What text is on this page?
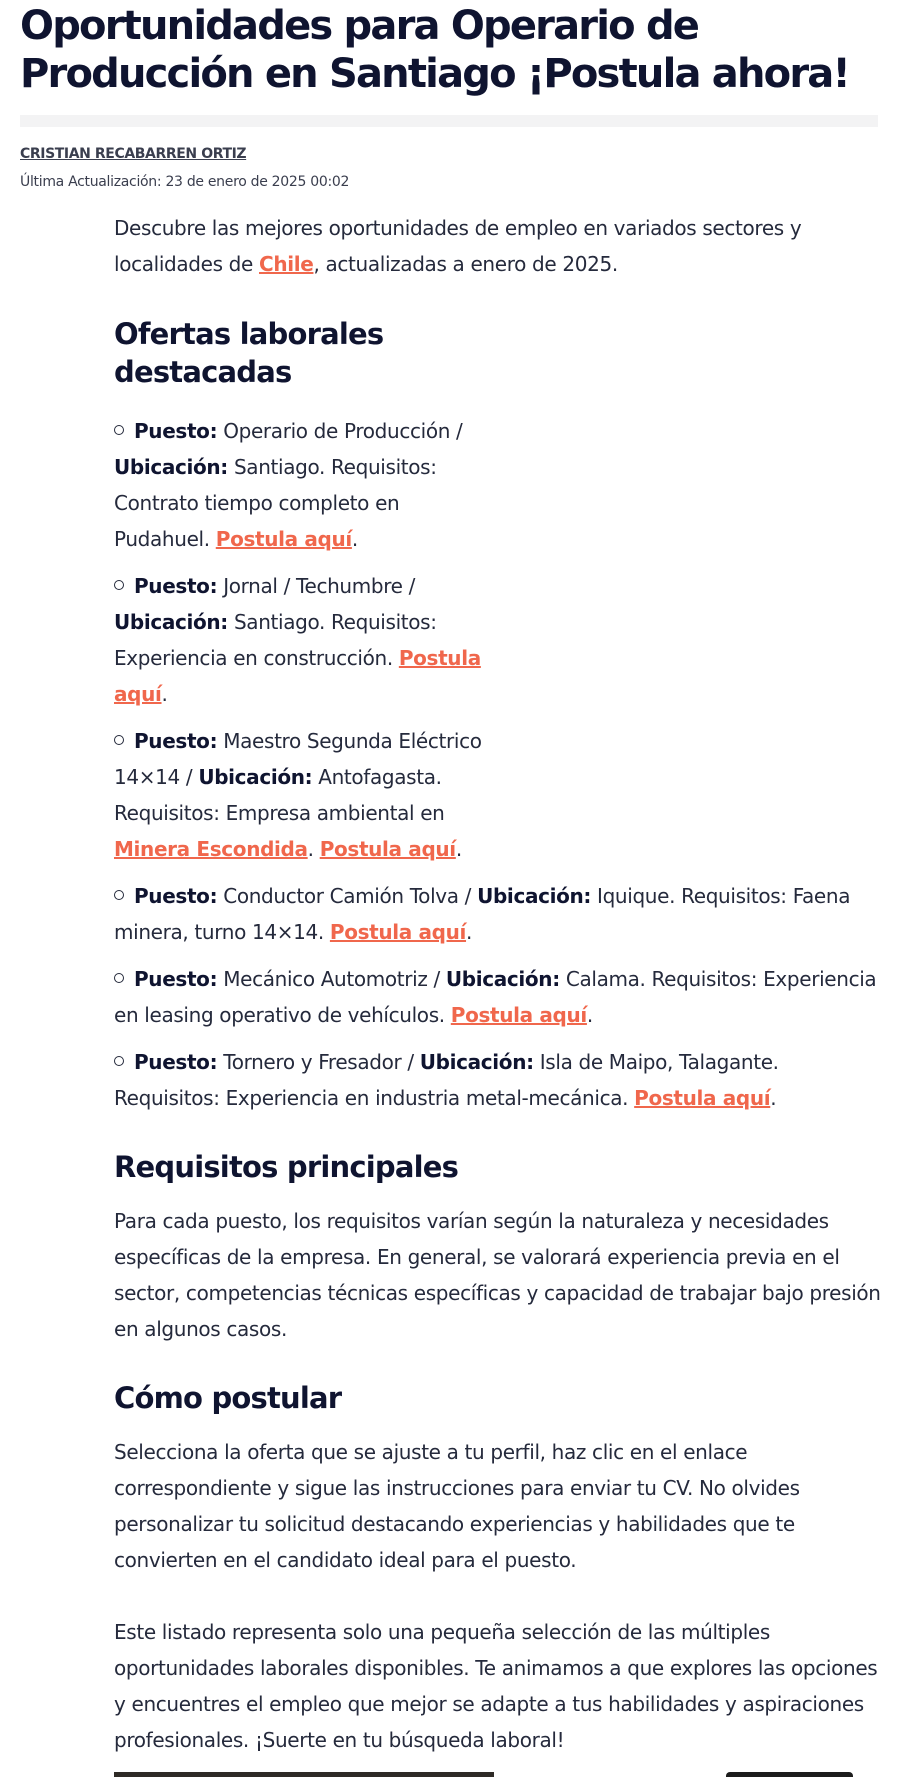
Oportunidades para Operario de Producción en Santiago ¡Postula ahora!
CRISTIAN RECABARREN ORTIZ
Última Actualización: 23 de enero de 2025 00:02

Descubre las mejores oportunidades de empleo en variados sectores y localidades de Chile, actualizadas a enero de 2025.

Ofertas laborales destacadas
Puesto: Operario de Producción / Ubicación: Santiago. Requisitos: Contrato tiempo completo en Pudahuel. Postula aquí.
Puesto: Jornal / Techumbre / Ubicación: Santiago. Requisitos: Experiencia en construcción. Postula aquí.
Puesto: Maestro Segunda Eléctrico 14×14 / Ubicación: Antofagasta. Requisitos: Empresa ambiental en Minera Escondida. Postula aquí.
Puesto: Conductor Camión Tolva / Ubicación: Iquique. Requisitos: Faena minera, turno 14×14. Postula aquí.
Puesto: Mecánico Automotriz / Ubicación: Calama. Requisitos: Experiencia en leasing operativo de vehículos. Postula aquí.
Puesto: Tornero y Fresador / Ubicación: Isla de Maipo, Talagante. Requisitos: Experiencia en industria metal-mecánica. Postula aquí.
Requisitos principales

Para cada puesto, los requisitos varían según la naturaleza y necesidades específicas de la empresa. En general, se valorará experiencia previa en el sector, competencias técnicas específicas y capacidad de trabajar bajo presión en algunos casos.

Cómo postular

Selecciona la oferta que se ajuste a tu perfil, haz clic en el enlace correspondiente y sigue las instrucciones para enviar tu CV. No olvides personalizar tu solicitud destacando experiencias y habilidades que te convierten en el candidato ideal para el puesto.

Este listado representa solo una pequeña selección de las múltiples oportunidades laborales disponibles. Te animamos a que explores las opciones y encuentres el empleo que mejor se adapte a tus habilidades y aspiraciones profesionales. ¡Suerte en tu búsqueda laboral!
